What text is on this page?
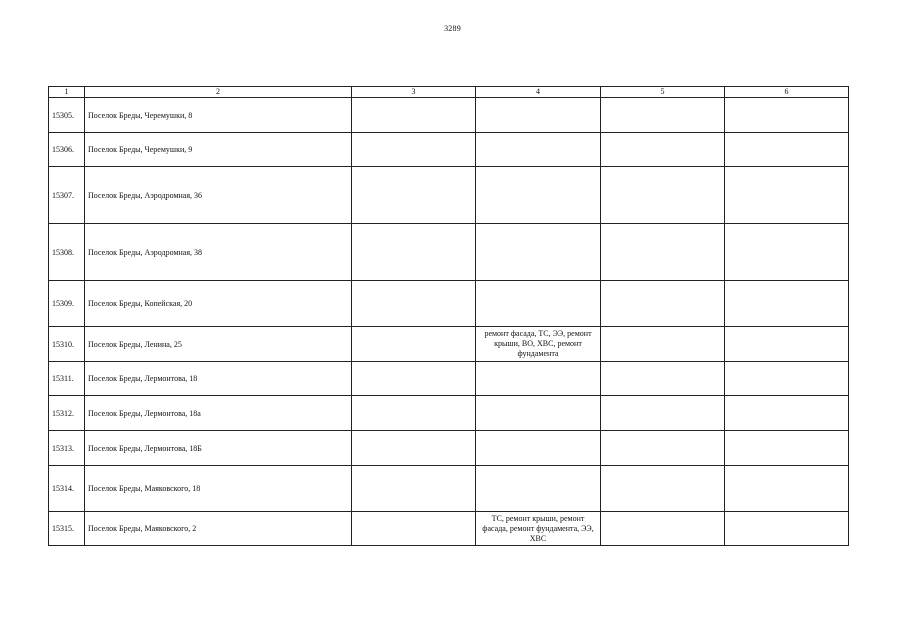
3289
1	2	3	4	5	6
15305.	Поселок Бреды, Черемушки, 8				
15306.	Поселок Бреды, Черемушки, 9				
15307.	Поселок Бреды, Аэродромная, 36				
15308.	Поселок Бреды, Аэродромная, 38				
15309.	Поселок Бреды, Копейская, 20				
15310.	Поселок Бреды, Ленина, 25		ремонт фасада, ТС, ЭЭ, ремонт крыши, ВО, ХВС, ремонт фундамента		
15311.	Поселок Бреды, Лермонтова, 18				
15312.	Поселок Бреды, Лермонтова, 18а				
15313.	Поселок Бреды, Лермонтова, 18Б				
15314.	Поселок Бреды, Маяковского, 18				
15315.	Поселок Бреды, Маяковского, 2		ТС, ремонт крыши, ремонт фасада, ремонт фундамента, ЭЭ, ХВС		
